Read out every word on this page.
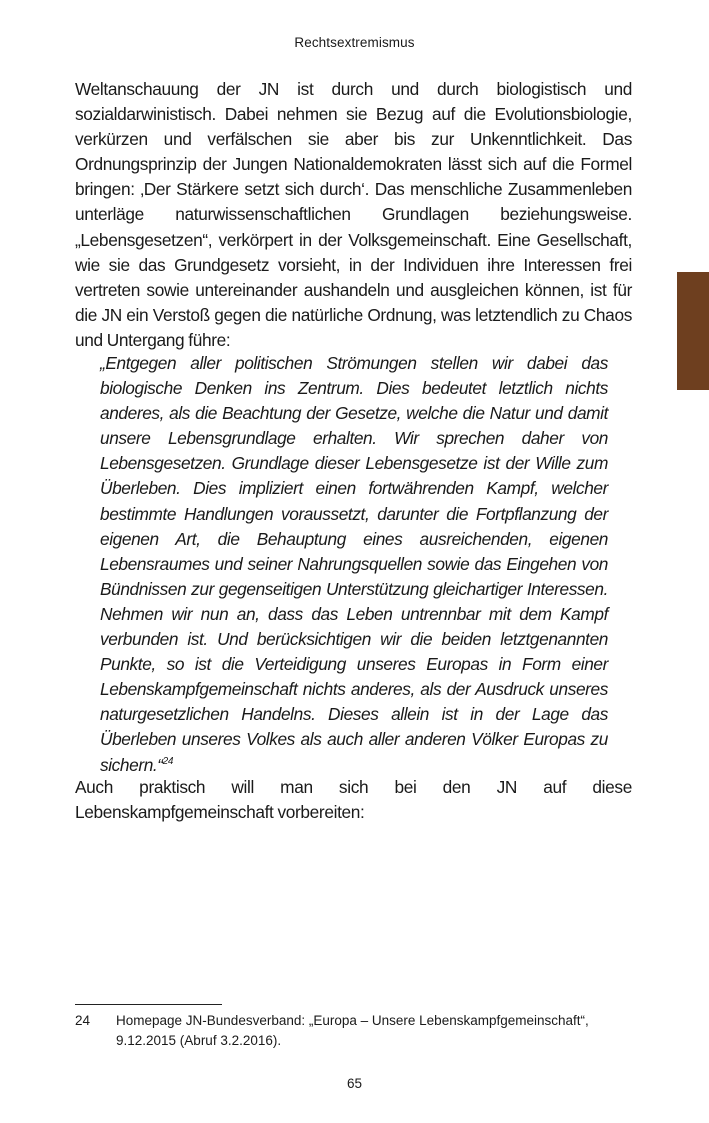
Rechtsextremismus

Weltanschauung der JN ist durch und durch biologistisch und sozialdarwinistisch. Dabei nehmen sie Bezug auf die Evolutionsbiologie, verkürzen und verfälschen sie aber bis zur Unkenntlichkeit. Das Ordnungsprinzip der Jungen Nationaldemokraten lässt sich auf die Formel bringen: ‚Der Stärkere setzt sich durch‘. Das menschliche Zusammenleben unterläge naturwissenschaftlichen Grundlagen beziehungsweise. „Lebensgesetzen“, verkörpert in der Volksgemeinschaft. Eine Gesellschaft, wie sie das Grundgesetz vorsieht, in der Individuen ihre Interessen frei vertreten sowie untereinander aushandeln und ausgleichen können, ist für die JN ein Verstoß gegen die natürliche Ordnung, was letztendlich zu Chaos und Untergang führe:

„Entgegen aller politischen Strömungen stellen wir dabei das biologische Denken ins Zentrum. Dies bedeutet letztlich nichts anderes, als die Beachtung der Gesetze, welche die Natur und damit unsere Lebensgrundlage erhalten. Wir sprechen daher von Lebensgesetzen. Grundlage dieser Lebensgesetze ist der Wille zum Überleben. Dies impliziert einen fortwährenden Kampf, welcher bestimmte Handlungen voraussetzt, darunter die Fortpflanzung der eigenen Art, die Behauptung eines ausreichenden, eigenen Lebensraumes und seiner Nahrungsquellen sowie das Eingehen von Bündnissen zur gegenseitigen Unterstützung gleichartiger Interessen. Nehmen wir nun an, dass das Leben untrennbar mit dem Kampf verbunden ist. Und berücksichtigen wir die beiden letztgenannten Punkte, so ist die Verteidigung unseres Europas in Form einer Lebenskampfgemeinschaft nichts anderes, als der Ausdruck unseres naturgesetzlichen Handelns. Dieses allein ist in der Lage das Überleben unseres Volkes als auch aller anderen Völker Europas zu sichern.“$^{24}$

Auch praktisch will man sich bei den JN auf diese Lebenskampfgemeinschaft vorbereiten:

24 Homepage JN-Bundesverband: „Europa – Unsere Lebenskampfgemeinschaft“, 9.12.2015 (Abruf 3.2.2016).
65
